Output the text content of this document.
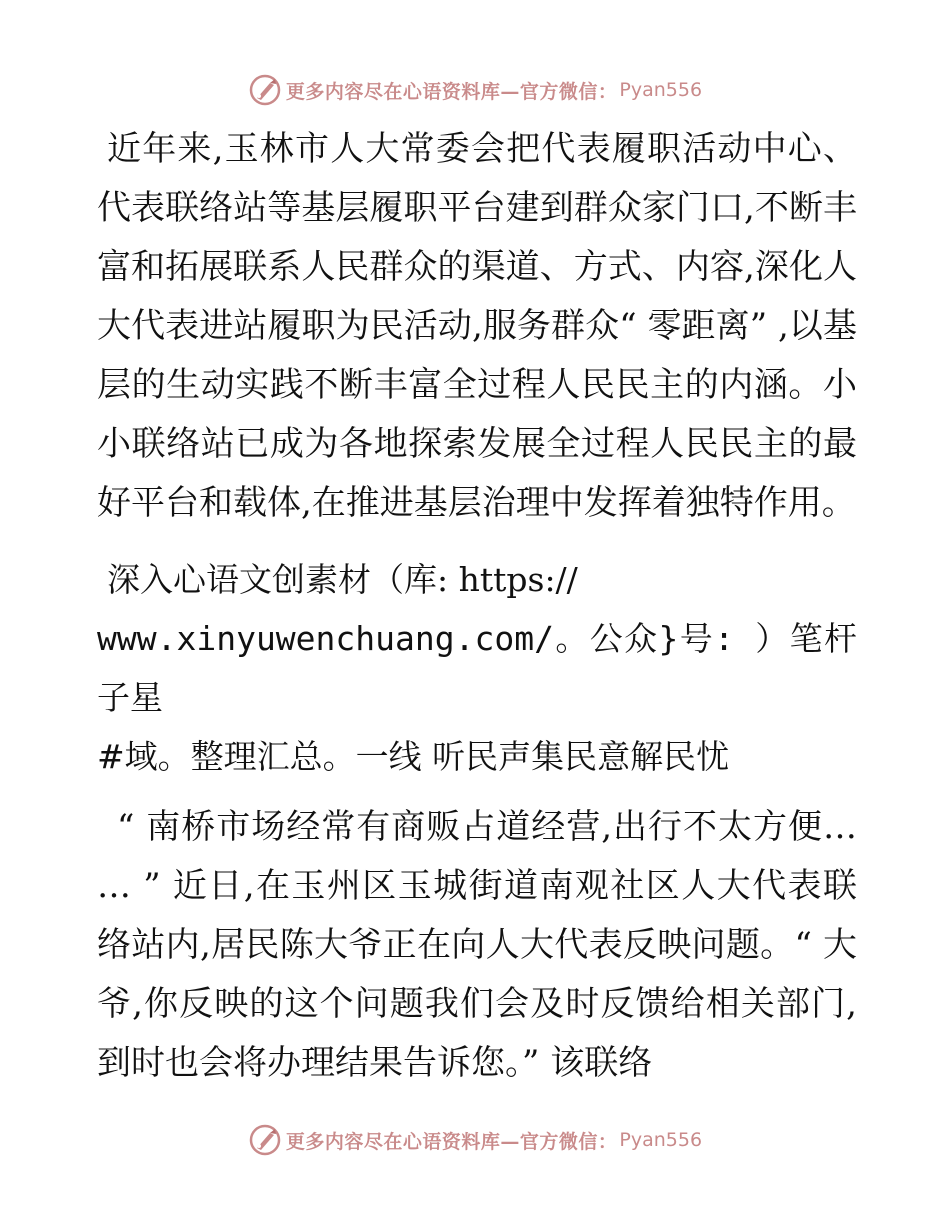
更多内容尽在心语资料库—官方微信： Pyan556

近年来,玉林市人大常委会把代表履职活动中心、代表联络站等基层履职平台建到群众家门口,不断丰富和拓展联系人民群众的渠道、方式、内容,深化人大代表进站履职为民活动,服务群众“ 零距离” ,以基层的生动实践不断丰富全过程人民民主的内涵。小小联络站已成为各地探索发展全过程人民民主的最好平台和载体,在推进基层治理中发挥着独特作用。

深入心语文创素材（库: https://
www.xinyuwenchuang.com/。公众}号: ）笔杆子星
#域。整理汇总。一线 听民声集民意解民忧

“ 南桥市场经常有商贩占道经营,出行不太方便… … ” 近日,在玉州区玉城街道南观社区人大代表联络站内,居民陈大爷正在向人大代表反映问题。“ 大爷,你反映的这个问题我们会及时反馈给相关部门,到时也会将办理结果告诉您。” 该联络

更多内容尽在心语资料库—官方微信： Pyan556
